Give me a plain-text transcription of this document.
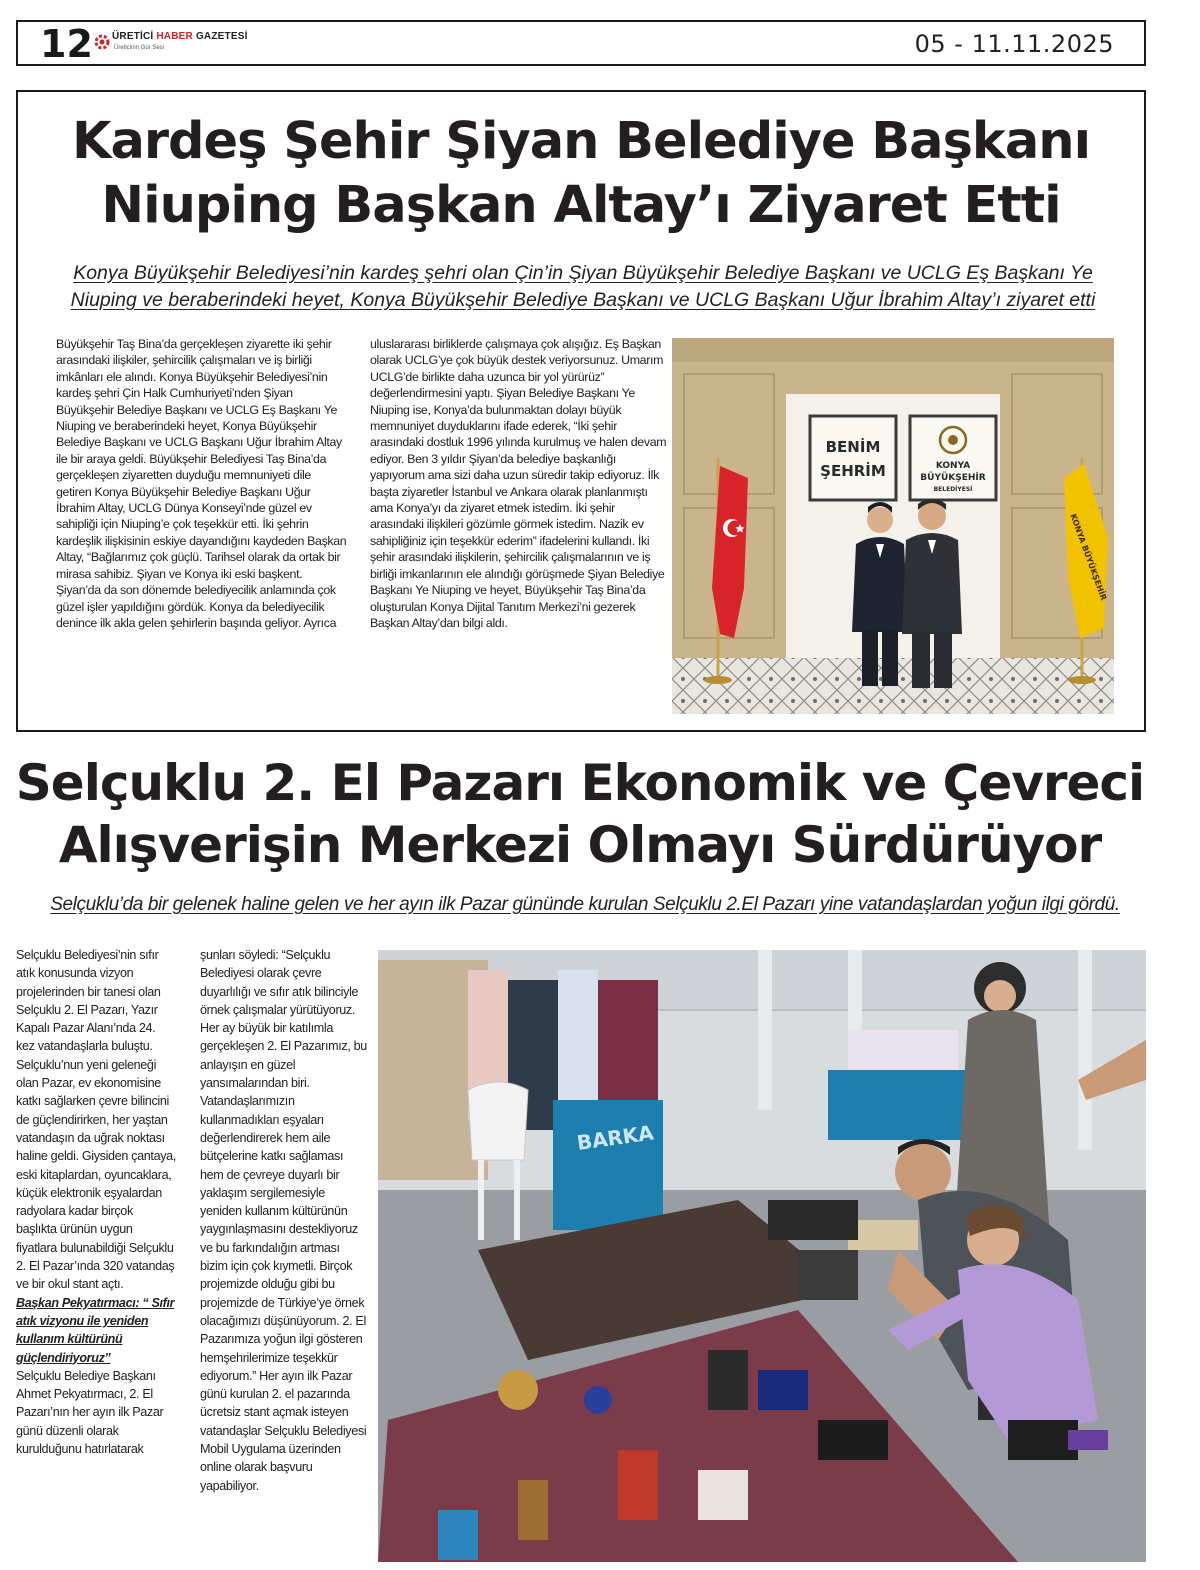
12 ÜRETİCİ HABER GAZETESİ
Üreticinin Gür Sesi	05 - 11.11.2025
Kardeş Şehir Şiyan Belediye Başkanı
Niuping Başkan Altay’ı Ziyaret Etti
Konya Büyükşehir Belediyesi’nin kardeş şehri olan Çin’in Şiyan Büyükşehir Belediye Başkanı ve UCLG Eş Başkanı Ye Niuping ve beraberindeki heyet, Konya Büyükşehir Belediye Başkanı ve UCLG Başkanı Uğur İbrahim Altay’ı ziyaret etti
Büyükşehir Taş Bina’da gerçekleşen ziyarette iki şehir arasındaki ilişkiler, şehircilik çalışmaları ve iş birliği imkânları ele alındı. Konya Büyükşehir Belediyesi’nin kardeş şehri Çin Halk Cumhuriyeti’nden Şiyan Büyükşehir Belediye Başkanı ve UCLG Eş Başkanı Ye Niuping ve beraberindeki heyet, Konya Büyükşehir Belediye Başkanı ve UCLG Başkanı Uğur İbrahim Altay ile bir araya geldi. Büyükşehir Belediyesi Taş Bina’da gerçekleşen ziyaretten duyduğu memnuniyeti dile getiren Konya Büyükşehir Belediye Başkanı Uğur İbrahim Altay, UCLG Dünya Konseyi’nde güzel ev sahipliği için Niuping’e çok teşekkür etti. İki şehrin kardeşlik ilişkisinin eskiye dayandığını kaydeden Başkan Altay, “Bağlarımız çok güçlü. Tarihsel olarak da ortak bir mirasa sahibiz. Şiyan ve Konya iki eski başkent. Şiyan’da da son dönemde belediyecilik anlamında çok güzel işler yapıldığını gördük. Konya da belediyecilik denince ilk akla gelen şehirlerin başında geliyor. Ayrıca
uluslararası birliklerde çalışmaya çok alışığız. Eş Başkan olarak UCLG’ye çok büyük destek veriyorsunuz. Umarım UCLG’de birlikte daha uzunca bir yol yürürüz” değerlendirmesini yaptı. Şiyan Belediye Başkanı Ye Niuping ise, Konya’da bulunmaktan dolayı büyük memnuniyet duyduklarını ifade ederek, “İki şehir arasındaki dostluk 1996 yılında kurulmuş ve halen devam ediyor. Ben 3 yıldır Şiyan’da belediye başkanlığı yapıyorum ama sizi daha uzun süredir takip ediyoruz. İlk başta ziyaretler İstanbul ve Ankara olarak planlanmıştı ama Konya’yı da ziyaret etmek istedim. İki şehir arasındaki ilişkileri gözümle görmek istedim. Nazik ev sahipliğiniz için teşekkür ederim” ifadelerini kullandı. İki şehir arasındaki ilişkilerin, şehircilik çalışmalarının ve iş birliği imkanlarının ele alındığı görüşmede Şiyan Belediye Başkanı Ye Niuping ve heyet, Büyükşehir Taş Bina’da oluşturulan Konya Dijital Tanıtım Merkezi’ni gezerek Başkan Altay’dan bilgi aldı.
BENİM
ŞEHRİM	KONYA
BÜYÜKŞEHİR
BELEDİYESİ
KONYA BÜYÜKŞEHİR
Selçuklu 2. El Pazarı Ekonomik ve Çevreci
Alışverişin Merkezi Olmayı Sürdürüyor
Selçuklu’da bir gelenek haline gelen ve her ayın ilk Pazar gününde kurulan Selçuklu 2.El Pazarı yine vatandaşlardan yoğun ilgi gördü.

Selçuklu Belediyesi’nin sıfır atık konusunda vizyon projelerinden bir tanesi olan Selçuklu 2. El Pazarı, Yazır Kapalı Pazar Alanı’nda 24. kez vatandaşlarla buluştu. Selçuklu’nun yeni geleneği olan Pazar, ev ekonomisine katkı sağlarken çevre bilincini de güçlendirirken, her yaştan vatandaşın da uğrak noktası haline geldi. Giysiden çantaya, eski kitaplardan, oyuncaklara, küçük elektronik eşyalardan radyolara kadar birçok başlıkta ürünün uygun fiyatlara bulunabildiği Selçuklu 2. El Pazar’ında 320 vatandaş ve bir okul stant açtı.

Başkan Pekyatırmacı: “ Sıfır atık vizyonu ile yeniden kullanım kültürünü güçlendiriyoruz”

Selçuklu Belediye Başkanı Ahmet Pekyatırmacı, 2. El Pazarı’nın her ayın ilk Pazar günü düzenli olarak kurulduğunu hatırlatarak

şunları söyledi: “Selçuklu Belediyesi olarak çevre duyarlılığı ve sıfır atık bilinciyle örnek çalışmalar yürütüyoruz. Her ay büyük bir katılımla gerçekleşen 2. El Pazarımız, bu anlayışın en güzel yansımalarından biri. Vatandaşlarımızın kullanmadıkları eşyaları değerlendirerek hem aile bütçelerine katkı sağlaması hem de çevreye duyarlı bir yaklaşım sergilemesiyle yeniden kullanım kültürünün yaygınlaşmasını destekliyoruz ve bu farkındalığın artması bizim için çok kıymetli. Birçok projemizde olduğu gibi bu projemizde de Türkiye’ye örnek olacağımızı düşünüyorum. 2. El Pazarımıza yoğun ilgi gösteren hemşehrilerimize teşekkür ediyorum.” Her ayın ilk Pazar günü kurulan 2. el pazarında ücretsiz stant açmak isteyen vatandaşlar Selçuklu Belediyesi Mobil Uygulama üzerinden online olarak başvuru yapabiliyor.
BARKA
